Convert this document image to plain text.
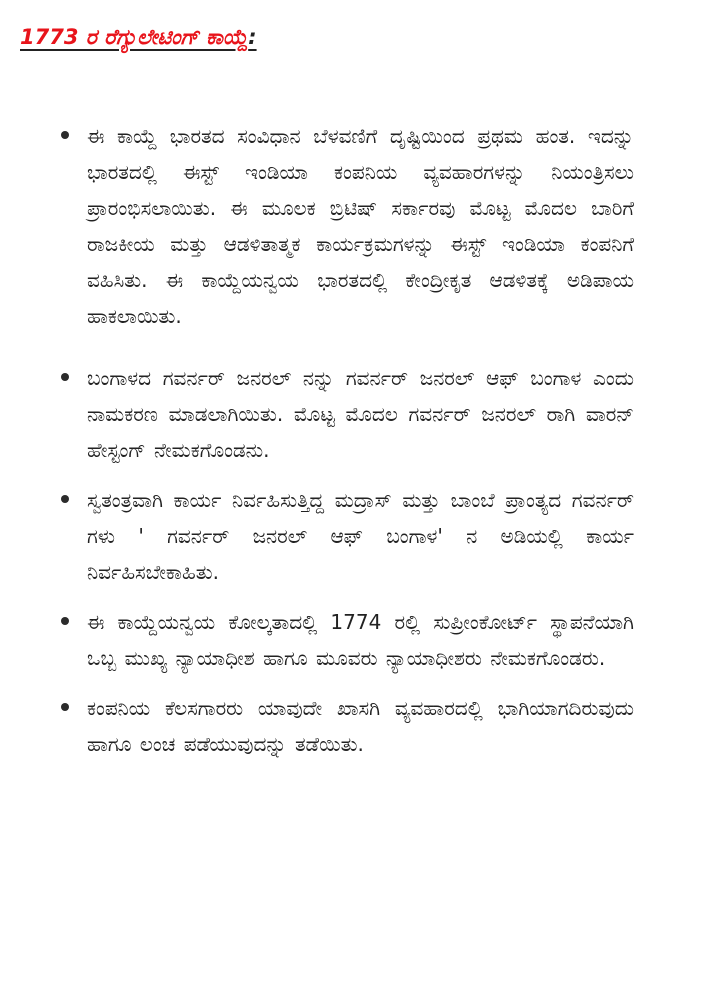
1773 ರ ರೆಗ್ಯುಲೇಟಿಂಗ್ ಕಾಯ್ದೆ:

ಈ ಕಾಯ್ದೆ ಭಾರತದ ಸಂವಿಧಾನ ಬೆಳವಣಿಗೆ ದೃಷ್ಟಿಯಿಂದ ಪ್ರಥಮ ಹಂತ. ಇದನ್ನು ಭಾರತದಲ್ಲಿ ಈಸ್ಟ್ ಇಂಡಿಯಾ ಕಂಪನಿಯ ವ್ಯವಹಾರಗಳನ್ನು ನಿಯಂತ್ರಿಸಲು ಪ್ರಾರಂಭಿಸಲಾಯಿತು. ಈ ಮೂಲಕ ಬ್ರಿಟಿಷ್ ಸರ್ಕಾರವು ಮೊಟ್ಟ ಮೊದಲ ಬಾರಿಗೆ ರಾಜಕೀಯ ಮತ್ತು ಆಡಳಿತಾತ್ಮಕ ಕಾರ್ಯಕ್ರಮಗಳನ್ನು ಈಸ್ಟ್ ಇಂಡಿಯಾ ಕಂಪನಿಗೆ ವಹಿಸಿತು. ಈ ಕಾಯ್ದೆಯನ್ವಯ ಭಾರತದಲ್ಲಿ ಕೇಂದ್ರೀಕೃತ ಆಡಳಿತಕ್ಕೆ ಅಡಿಪಾಯ ಹಾಕಲಾಯಿತು.

ಬಂಗಾಳದ ಗವರ್ನರ್ ಜನರಲ್ ನನ್ನು ಗವರ್ನರ್ ಜನರಲ್ ಆಫ್ ಬಂಗಾಳ ಎಂದು ನಾಮಕರಣ ಮಾಡಲಾಗಿಯಿತು. ಮೊಟ್ಟ ಮೊದಲ ಗವರ್ನರ್ ಜನರಲ್ ರಾಗಿ ವಾರನ್ ಹೇಸ್ಟಂಗ್ ನೇಮಕಗೊಂಡನು.

ಸ್ವತಂತ್ರವಾಗಿ ಕಾರ್ಯ ನಿರ್ವಹಿಸುತ್ತಿದ್ದ ಮದ್ರಾಸ್ ಮತ್ತು ಬಾಂಬೆ ಪ್ರಾಂತ್ಯದ ಗವರ್ನರ್ ಗಳು ' ಗವರ್ನರ್ ಜನರಲ್ ಆಫ್ ಬಂಗಾಳ' ನ ಅಡಿಯಲ್ಲಿ ಕಾರ್ಯ ನಿರ್ವಹಿಸಬೇಕಾಹಿತು.

ಈ ಕಾಯ್ದೆಯನ್ವಯ ಕೋಲ್ಕತಾದಲ್ಲಿ 1774 ರಲ್ಲಿ ಸುಪ್ರೀಂಕೋರ್ಟ್ ಸ್ಥಾಪನೆಯಾಗಿ ಒಬ್ಬ ಮುಖ್ಯ ನ್ಯಾಯಾಧೀಶ ಹಾಗೂ ಮೂವರು ನ್ಯಾಯಾಧೀಶರು ನೇಮಕಗೊಂಡರು.

ಕಂಪನಿಯ ಕೆಲಸಗಾರರು ಯಾವುದೇ ಖಾಸಗಿ ವ್ಯವಹಾರದಲ್ಲಿ ಭಾಗಿಯಾಗದಿರುವುದು ಹಾಗೂ ಲಂಚ ಪಡೆಯುವುದನ್ನು ತಡೆಯಿತು.
